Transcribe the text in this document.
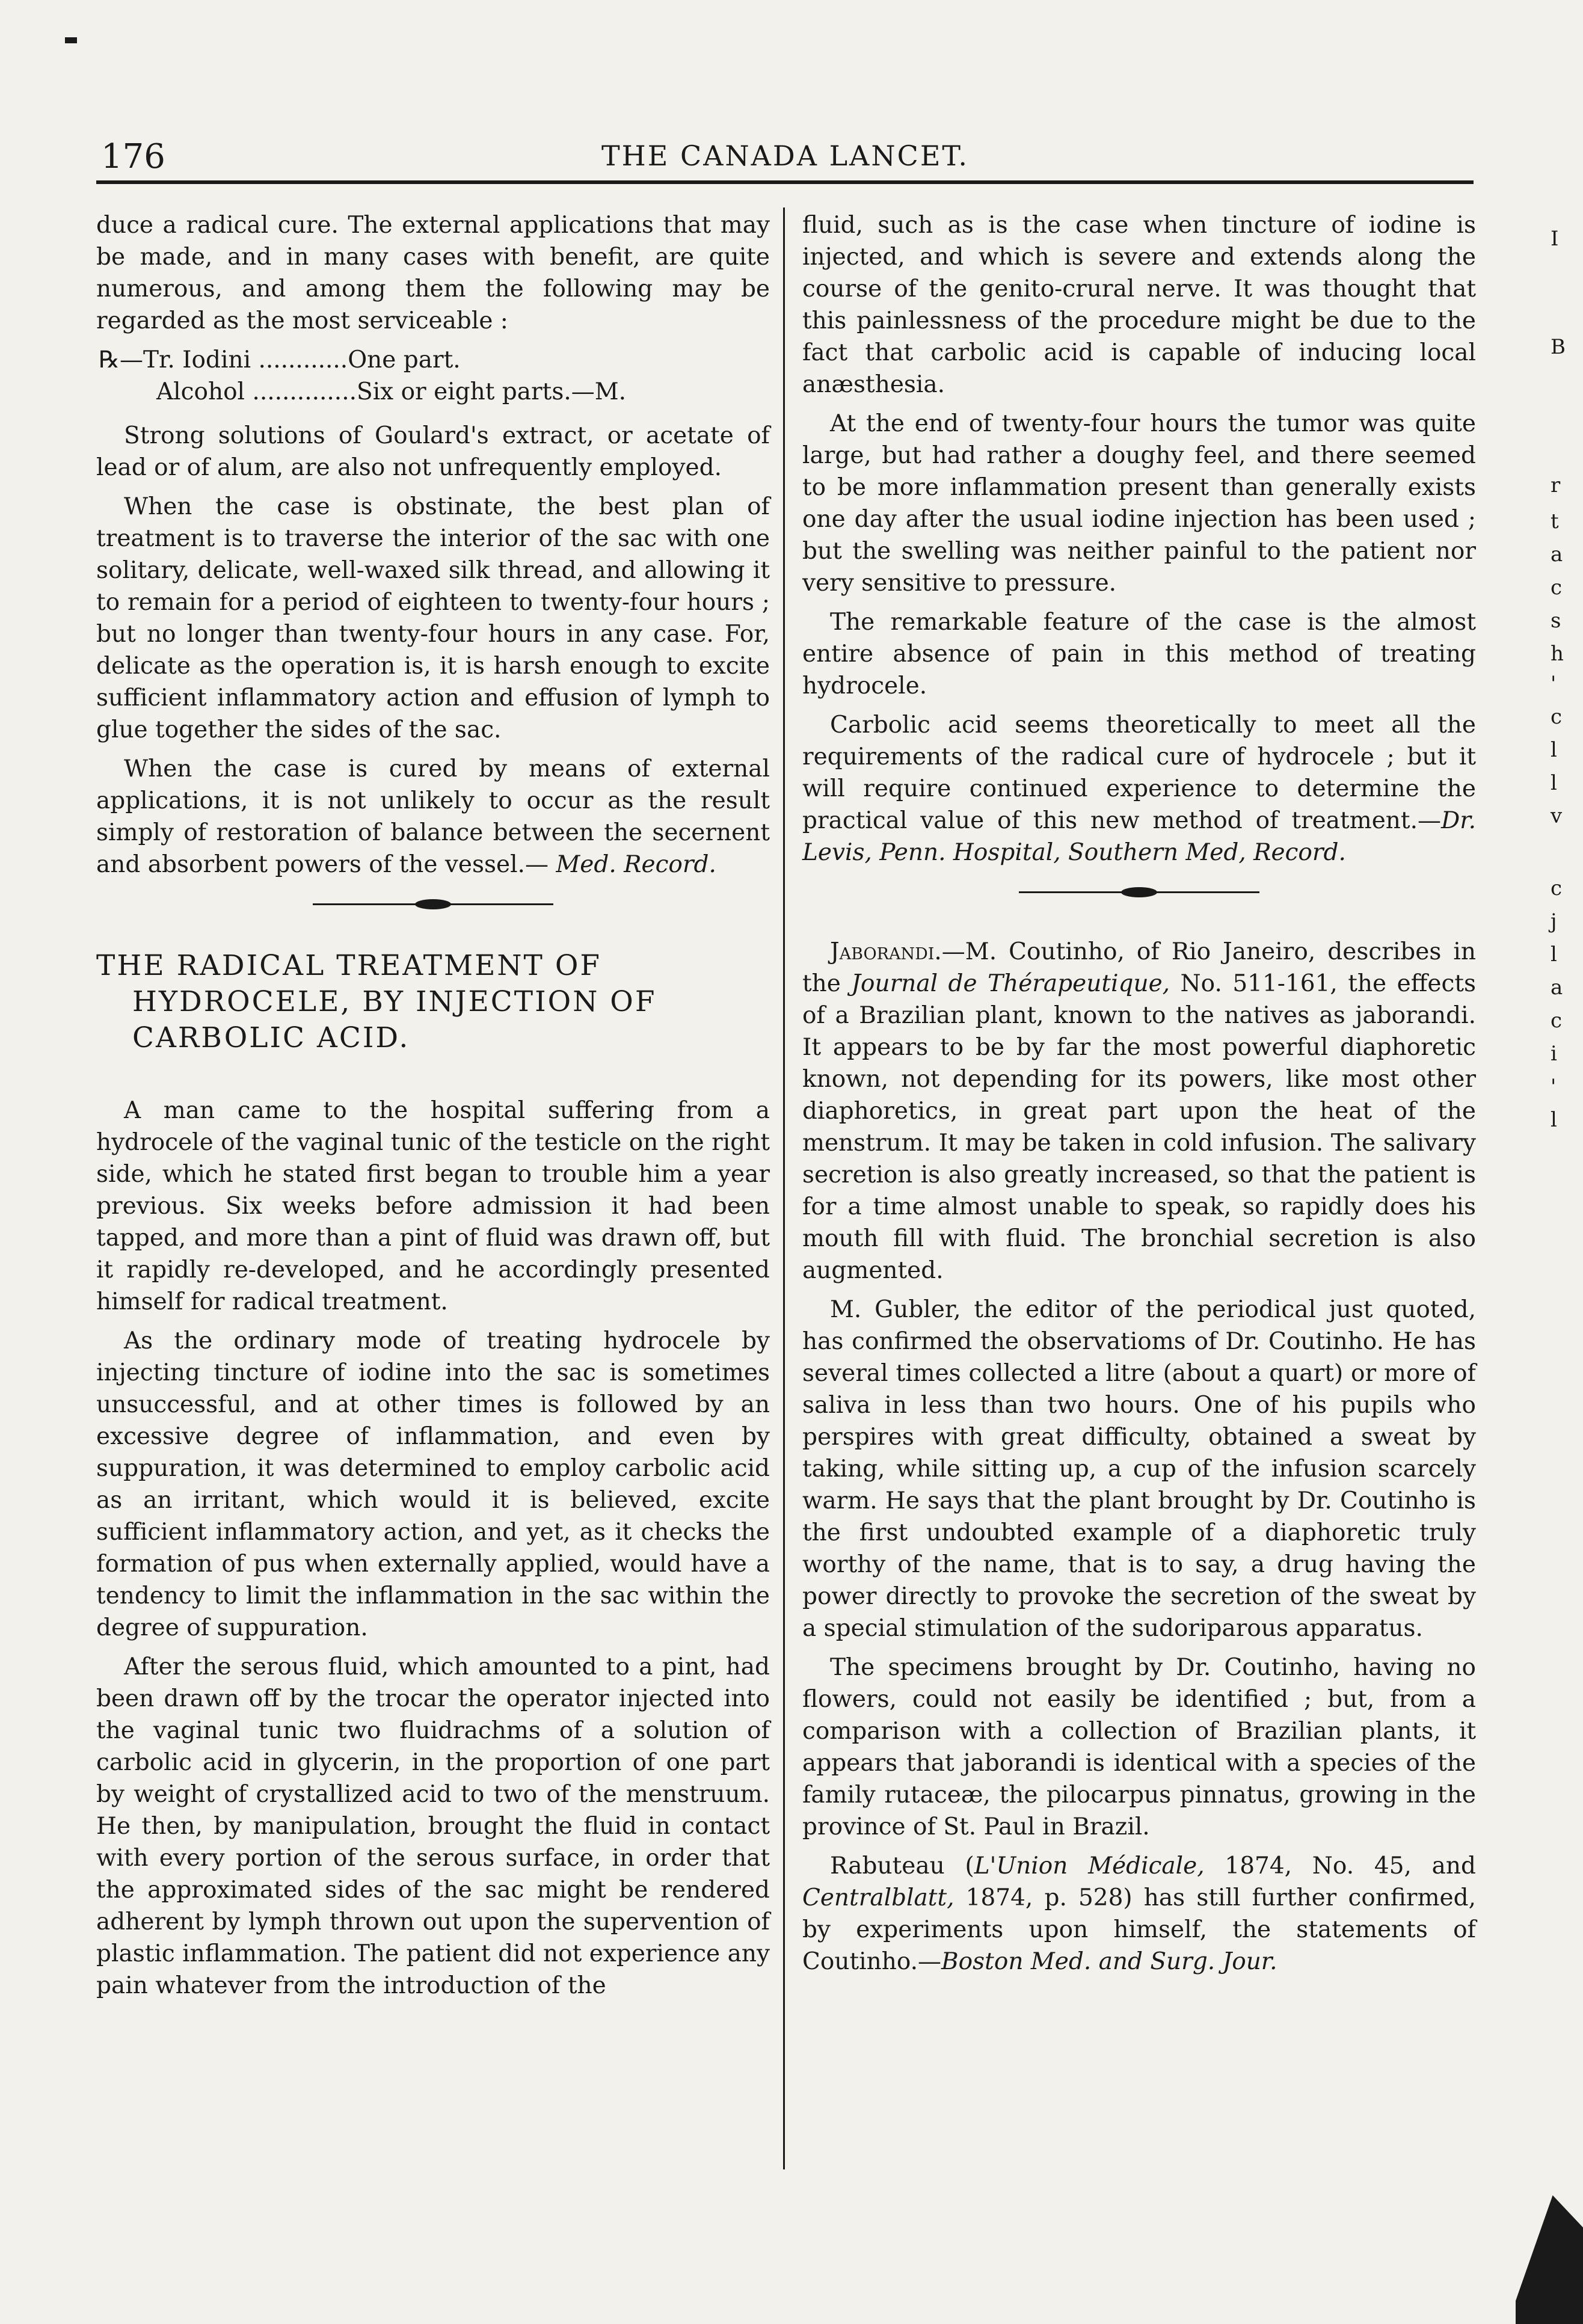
176	THE CANADA LANCET.

duce a radical cure. The external applications that may be made, and in many cases with benefit, are quite numerous, and among them the following may be regarded as the most serviceable :

℞—Tr. Iodini ............One part.
Alcohol ..............Six or eight parts.—M.

Strong solutions of Goulard's extract, or acetate of lead or of alum, are also not unfrequently employed.

When the case is obstinate, the best plan of treatment is to traverse the interior of the sac with one solitary, delicate, well-waxed silk thread, and allowing it to remain for a period of eighteen to twenty-four hours ; but no longer than twenty-four hours in any case. For, delicate as the operation is, it is harsh enough to excite sufficient inflammatory action and effusion of lymph to glue together the sides of the sac.

When the case is cured by means of external applications, it is not unlikely to occur as the result simply of restoration of balance between the secernent and absorbent powers of the vessel.— Med. Record.

THE RADICAL TREATMENT OF HYDROCELE, BY INJECTION OF CARBOLIC ACID.

A man came to the hospital suffering from a hydrocele of the vaginal tunic of the testicle on the right side, which he stated first began to trouble him a year previous. Six weeks before admission it had been tapped, and more than a pint of fluid was drawn off, but it rapidly re-developed, and he accordingly presented himself for radical treatment.

As the ordinary mode of treating hydrocele by injecting tincture of iodine into the sac is sometimes unsuccessful, and at other times is followed by an excessive degree of inflammation, and even by suppuration, it was determined to employ carbolic acid as an irritant, which would it is believed, excite sufficient inflammatory action, and yet, as it checks the formation of pus when externally applied, would have a tendency to limit the inflammation in the sac within the degree of suppuration.

After the serous fluid, which amounted to a pint, had been drawn off by the trocar the operator injected into the vaginal tunic two fluidrachms of a solution of carbolic acid in glycerin, in the proportion of one part by weight of crystallized acid to two of the menstruum. He then, by manipulation, brought the fluid in contact with every portion of the serous surface, in order that the approximated sides of the sac might be rendered adherent by lymph thrown out upon the supervention of plastic inflammation. The patient did not experience any pain whatever from the introduction of the

fluid, such as is the case when tincture of iodine is injected, and which is severe and extends along the course of the genito-crural nerve. It was thought that this painlessness of the procedure might be due to the fact that carbolic acid is capable of inducing local anæsthesia.

At the end of twenty-four hours the tumor was quite large, but had rather a doughy feel, and there seemed to be more inflammation present than generally exists one day after the usual iodine injection has been used ; but the swelling was neither painful to the patient nor very sensitive to pressure.

The remarkable feature of the case is the almost entire absence of pain in this method of treating hydrocele.

Carbolic acid seems theoretically to meet all the requirements of the radical cure of hydrocele ; but it will require continued experience to determine the practical value of this new method of treatment.—Dr. Levis, Penn. Hospital, Southern Med, Record.

Jaborandi.—M. Coutinho, of Rio Janeiro, describes in the Journal de Thérapeutique, No. 511-161, the effects of a Brazilian plant, known to the natives as jaborandi. It appears to be by far the most powerful diaphoretic known, not depending for its powers, like most other diaphoretics, in great part upon the heat of the menstrum. It may be taken in cold infusion. The salivary secretion is also greatly increased, so that the patient is for a time almost unable to speak, so rapidly does his mouth fill with fluid. The bronchial secretion is also augmented.

M. Gubler, the editor of the periodical just quoted, has confirmed the observatioms of Dr. Coutinho. He has several times collected a litre (about a quart) or more of saliva in less than two hours. One of his pupils who perspires with great difficulty, obtained a sweat by taking, while sitting up, a cup of the infusion scarcely warm. He says that the plant brought by Dr. Coutinho is the first undoubted example of a diaphoretic truly worthy of the name, that is to say, a drug having the power directly to provoke the secretion of the sweat by a special stimulation of the sudoriparous apparatus.

The specimens brought by Dr. Coutinho, having no flowers, could not easily be identified ; but, from a comparison with a collection of Brazilian plants, it appears that jaborandi is identical with a species of the family rutaceæ, the pilocarpus pinnatus, growing in the province of St. Paul in Brazil.

Rabuteau (L'Union Médicale, 1874, No. 45, and Centralblatt, 1874, p. 528) has still further confirmed, by experiments upon himself, the statements of Coutinho.—Boston Med. and Surg. Jour.

I
B
r
t
a
c
s
h
'
c
l
l
v
c
j
l
a
c
i
'
l
